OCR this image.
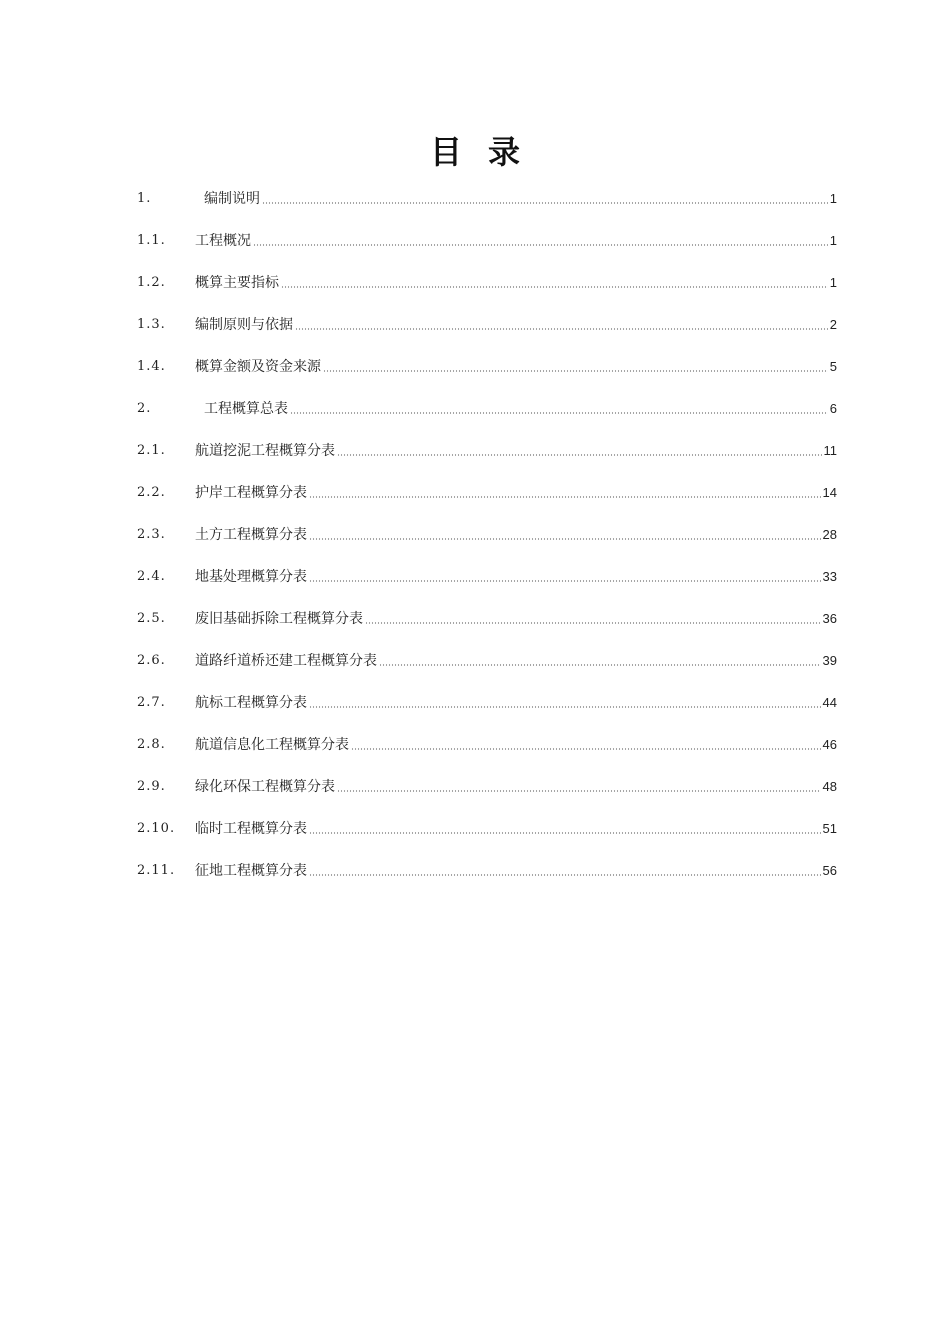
目 录
1.	编制说明	1
1.1.	工程概况	1
1.2.	概算主要指标	1
1.3.	编制原则与依据	2
1.4.	概算金额及资金来源	5
2.	工程概算总表	6
2.1.	航道挖泥工程概算分表	11
2.2.	护岸工程概算分表	14
2.3.	土方工程概算分表	28
2.4.	地基处理概算分表	33
2.5.	废旧基础拆除工程概算分表	36
2.6.	道路纤道桥还建工程概算分表	39
2.7.	航标工程概算分表	44
2.8.	航道信息化工程概算分表	46
2.9.	绿化环保工程概算分表	48
2.10.	临时工程概算分表	51
2.11.	征地工程概算分表	56
